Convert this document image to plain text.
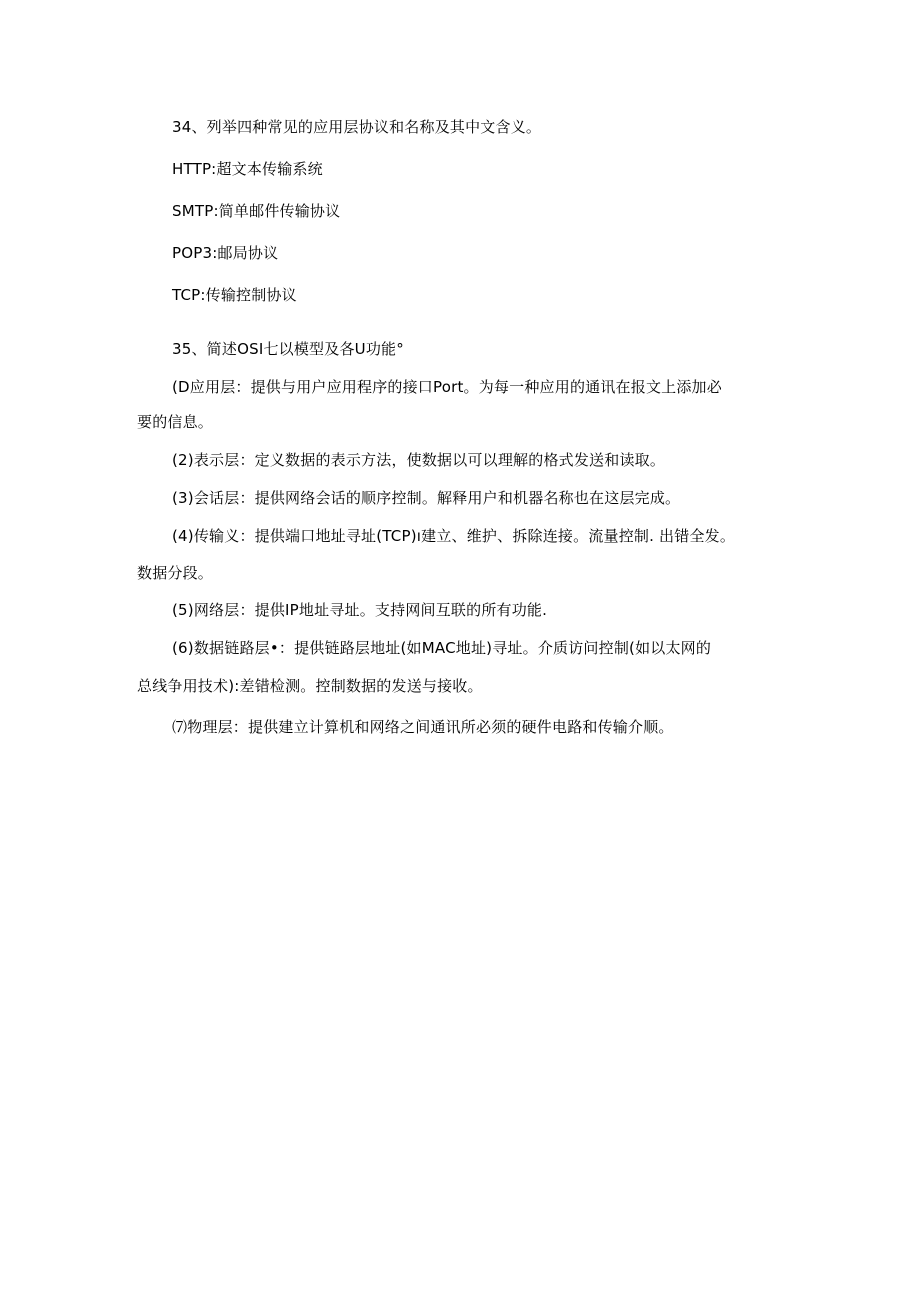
34、列举四种常见的应用层协议和名称及其中文含义。
HTTP:超文本传输系统
SMTP:简单邮件传输协议
POP3:邮局协议
TCP:传输控制协议
35、简述OSI七以模型及各U功能°
(D应用层：提供与用户应用程序的接口Port。为每一种应用的通讯在报文上添加必
要的信息。
(2)表示层：定义数据的表示方法，使数据以可以理解的格式发送和读取。
(3)会话层：提供网络会话的顺序控制。解释用户和机器名称也在这层完成。
(4)传输义：提供端口地址寻址(TCP)ı建立、维护、拆除连接。流量控制. 出错全发。
数据分段。
(5)网络层：提供IP地址寻址。支持网间互联的所有功能.
(6)数据链路层•：提供链路层地址(如MAC地址)寻址。介质访问控制(如以太网的
总线争用技术):差错检测。控制数据的发送与接收。
⑺物理层：提供建立计算机和网络之间通讯所必须的硬件电路和传输介顺。
